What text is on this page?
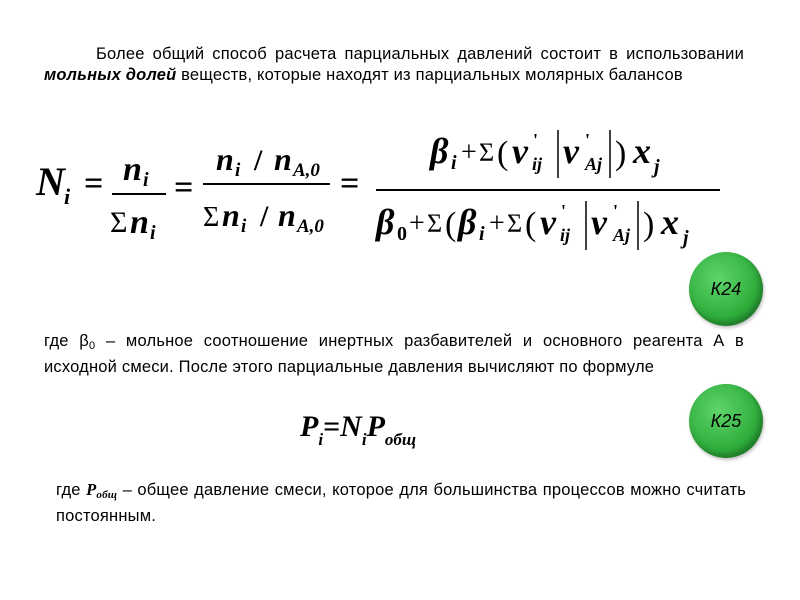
Более общий способ расчета парциальных давлений состоит в использовании мольных долей веществ, которые находят из парциальных молярных балансов
N i = n i
Σ n i
=
n i / n A,0
Σ n i / n A,0
=
β i + Σ ( ν '
ij ν '
Aj ) x j
β 0 + Σ ( β i + Σ ( ν '
ij ν '
Aj ) x j
К24
где $\beta_0$ – мольное соотношение инертных разбавителей и основного реагента А в исходной смеси. После этого парциальные давления вычисляют по формуле
$P_i=N_iP_{общ}$
К25
где $P_{общ}$ – общее давление смеси, которое для большинства процессов можно считать постоянным.
